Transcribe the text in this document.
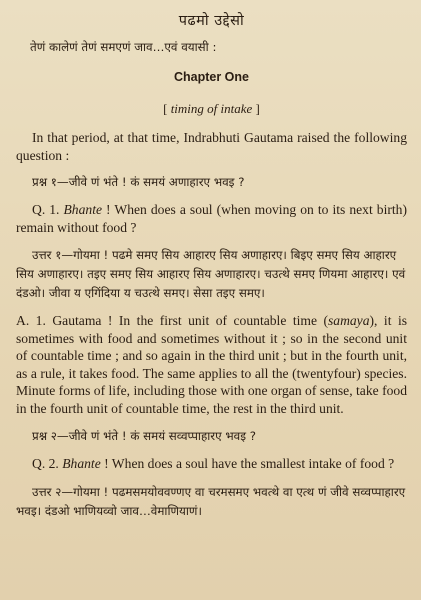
पढमो उद्देसो

तेणं कालेणं तेणं समएणं जाव…एवं वयासी :

Chapter One
[ timing of intake ]

In that period, at that time, Indrabhuti Gautama raised the following question :

प्रश्न १—जीवे णं भंते ! कं समयं अणाहारए भवइ ?

Q. 1. Bhante ! When does a soul (when moving on to its next birth) remain without food ?

उत्तर १—गोयमा ! पढमे समए सिय आहारए सिय अणाहारए। बिइए समए सिय आहारए सिय अणाहारए। तइए समए सिय आहारए सिय अणाहारए। चउत्थे समए णियमा आहारए। एवं दंडओ। जीवा य एगिंदिया य चउत्थे समए। सेसा तइए समए।

A. 1. Gautama ! In the first unit of countable time (samaya), it is sometimes with food and sometimes without it ; so in the second unit of countable time ; and so again in the third unit ; but in the fourth unit, as a rule, it takes food. The same applies to all the (twentyfour) species. Minute forms of life, including those with one organ of sense, take food in the fourth unit of countable time, the rest in the third unit.

प्रश्न २—जीवे णं भंते ! कं समयं सव्वप्पाहारए भवइ ?

Q. 2. Bhante ! When does a soul have the smallest intake of food ?

उत्तर २—गोयमा ! पढमसमयोववण्णए वा चरमसमए भवत्थे वा एत्थ णं जीवे सव्वप्पाहारए भवइ। दंडओ भाणियव्वो जाव…वेमाणियाणं।
